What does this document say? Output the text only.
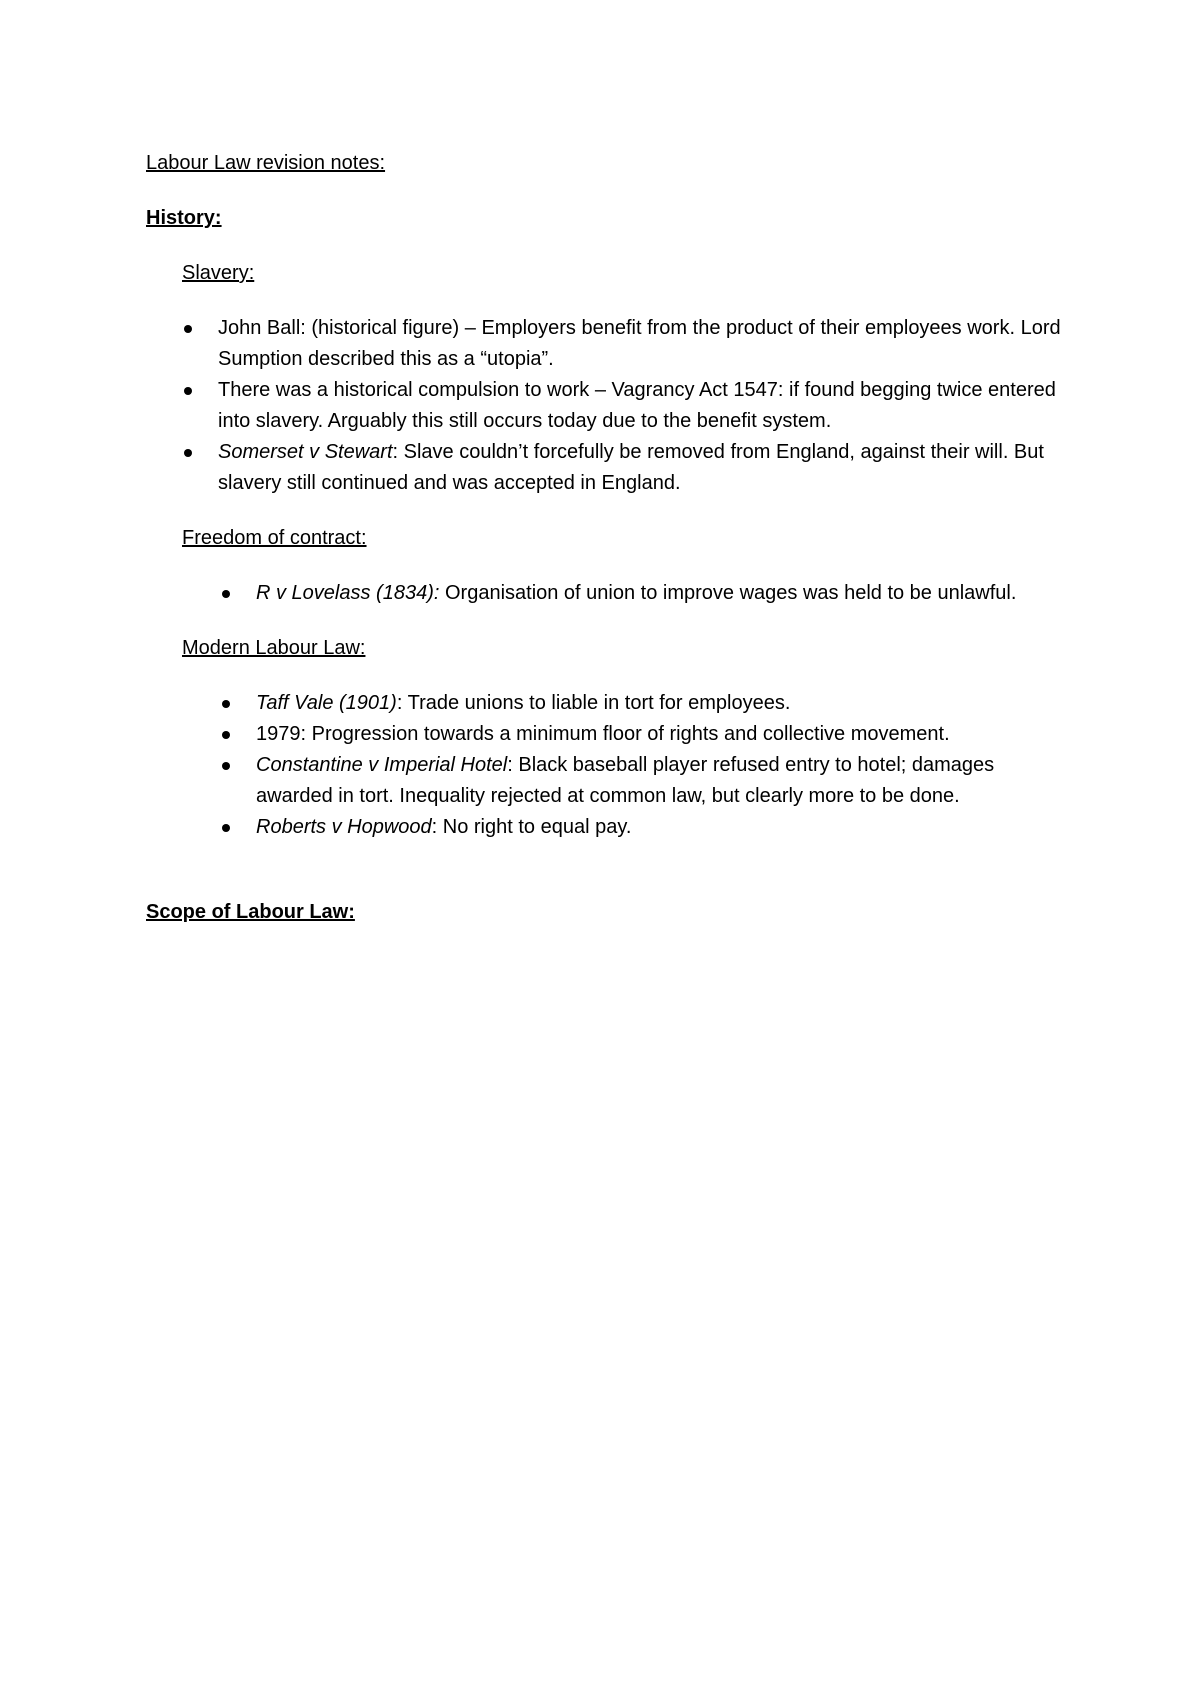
Labour Law revision notes:
History:
Slavery:
John Ball: (historical figure) – Employers benefit from the product of their employees work. Lord Sumption described this as a “utopia”.
There was a historical compulsion to work – Vagrancy Act 1547: if found begging twice entered into slavery. Arguably this still occurs today due to the benefit system.
Somerset v Stewart: Slave couldn’t forcefully be removed from England, against their will. But slavery still continued and was accepted in England.
Freedom of contract:
R v Lovelass (1834): Organisation of union to improve wages was held to be unlawful.
Modern Labour Law:
Taff Vale (1901): Trade unions to liable in tort for employees.
1979: Progression towards a minimum floor of rights and collective movement.
Constantine v Imperial Hotel: Black baseball player refused entry to hotel; damages awarded in tort. Inequality rejected at common law, but clearly more to be done.
Roberts v Hopwood: No right to equal pay.
Scope of Labour Law:
